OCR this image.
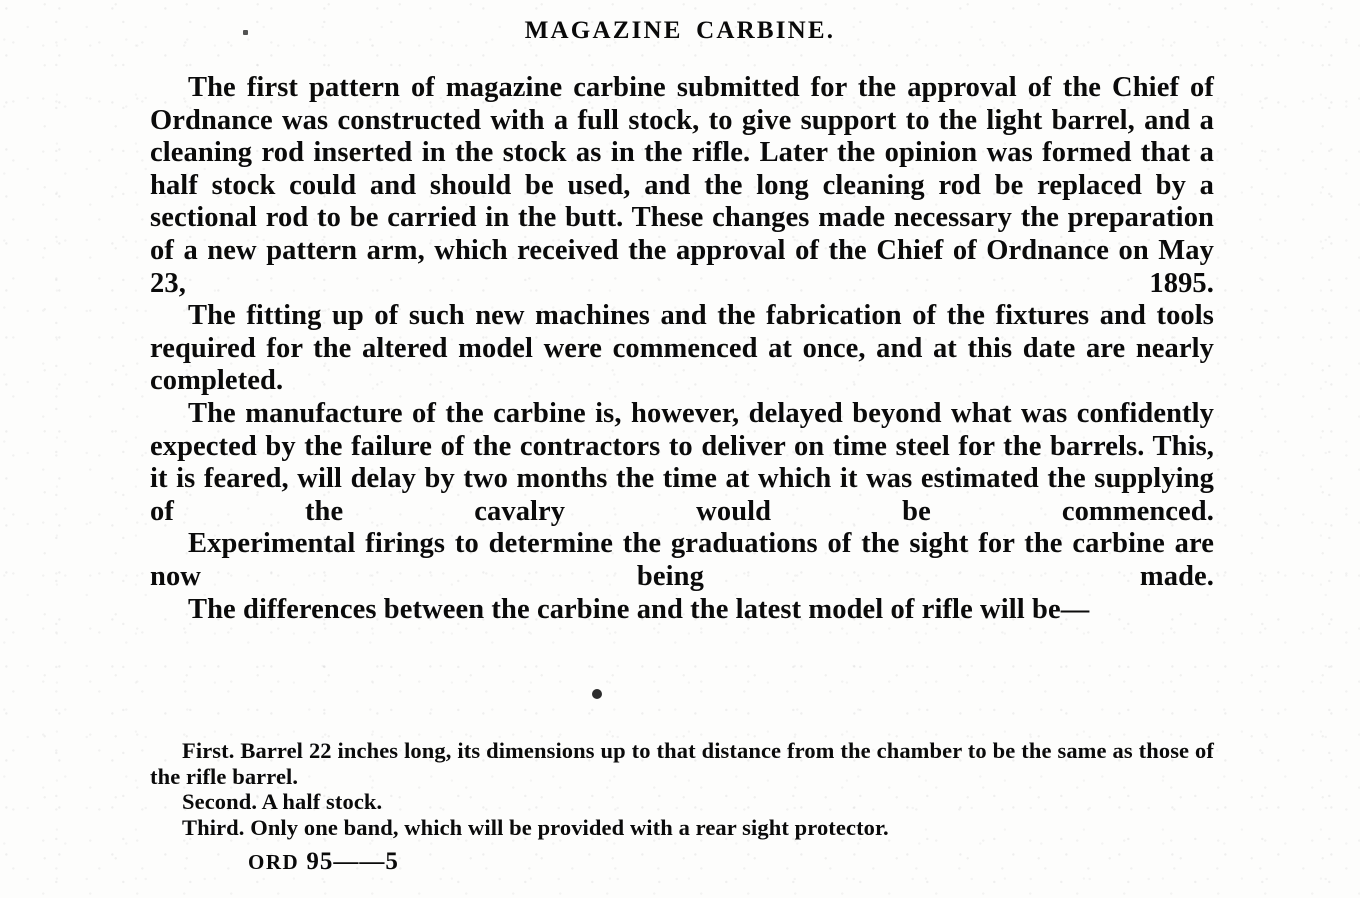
MAGAZINE CARBINE.

The first pattern of magazine carbine submitted for the approval of the Chief of Ordnance was constructed with a full stock, to give support to the light barrel, and a cleaning rod inserted in the stock as in the rifle. Later the opinion was formed that a half stock could and should be used, and the long cleaning rod be replaced by a sectional rod to be carried in the butt. These changes made necessary the preparation of a new pattern arm, which received the approval of the Chief of Ordnance on May 23, 1895.

The fitting up of such new machines and the fabrication of the fixtures and tools required for the altered model were commenced at once, and at this date are nearly completed.

The manufacture of the carbine is, however, delayed beyond what was confidently expected by the failure of the contractors to deliver on time steel for the barrels. This, it is feared, will delay by two months the time at which it was estimated the supplying of the cavalry would be commenced.

Experimental firings to determine the graduations of the sight for the carbine are now being made.

The differences between the carbine and the latest model of rifle will be—

First. Barrel 22 inches long, its dimensions up to that distance from the chamber to be the same as those of the rifle barrel.

Second. A half stock.

Third. Only one band, which will be provided with a rear sight protector.

ORD 95——5
